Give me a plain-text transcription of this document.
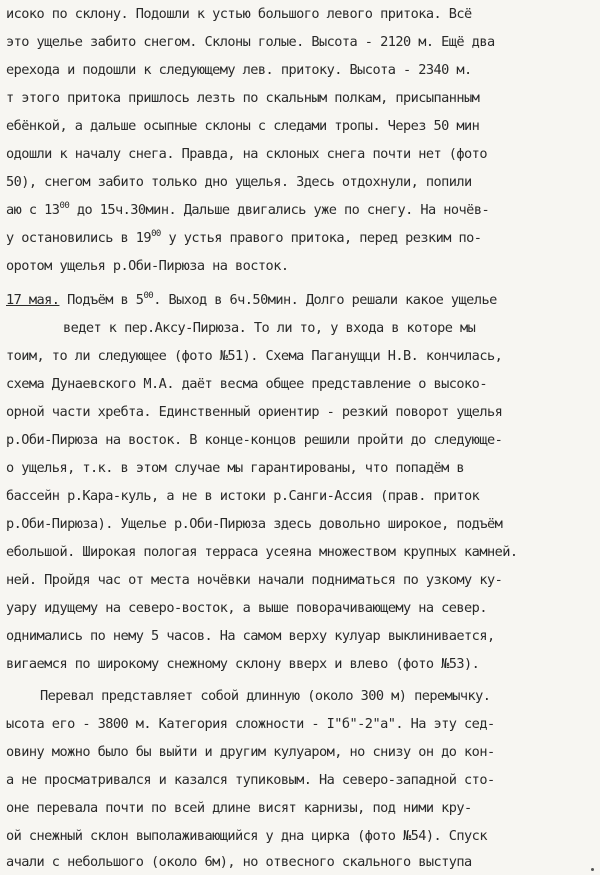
исоко по склону. Подошли к устью большого левого притока. Всё
это ущелье забито снегом. Склоны голые. Высота - 2120 м. Ещё два
ерехода и подошли к следующему лев. притоку. Высота - 2340 м.
т этого притока пришлось лезть по скальным полкам, присыпанным
ебёнкой, а дальше осыпные склоны с следами тропы. Через 50 мин
одошли к началу снега. Правда, на склоных снега почти нет (фото
50), снегом забито только дно ущелья. Здесь отдохнули, попили
аю с $13^{00}$ до 15ч.30мин. Дальше двигались уже по снегу. На ночёв-
у остановились в $19^{00}$ у устья правого притока, перед резким по-
оротом ущелья р.Оби-Пирюза на восток.
17 мая. Подъём в $5^{00}$. Выход в 6ч.50мин. Долго решали какое ущелье
ведет к пер.Аксу-Пирюза. То ли то, у входа в которе мы
тоим, то ли следующее (фото №51). Схема Паганущци Н.В. кончилась,
схема Дунаевского М.А. даёт весма общее представление о высоко-
орной части хребта. Единственный ориентир - резкий поворот ущелья
р.Оби-Пирюза на восток. В конце-концов решили пройти до следующе-
о ущелья, т.к. в этом случае мы гарантированы, что попадём в
бассейн р.Кара-куль, а не в истоки р.Санги-Ассия (прав. приток
р.Оби-Пирюза). Ущелье р.Оби-Пирюза здесь довольно широкое, подъём
ебольшой. Широкая пологая терраса усеяна множеством крупных камней.
ней. Пройдя час от места ночёвки начали подниматься по узкому ку-
уару идущему на северо-восток, а выше поворачивающему на север.
однимались по нему 5 часов. На самом верху кулуар выклинивается,
вигаемся по широкому снежному склону вверх и влево (фото №53).
Перевал представляет собой длинную (около 300 м) перемычку.
ысота его - 3800 м. Категория сложности - I"б"-2"а". На эту сед-
овину можно было бы выйти и другим кулуаром, но снизу он до кон-
а не просматривался и казался тупиковым. На северо-западной сто-
оне перевала почти по всей длине висят карнизы, под ними кру-
ой снежный склон выполаживающийся у дна цирка (фото №54). Спуск
ачали с небольшого (около 6м), но отвесного скального выступа
